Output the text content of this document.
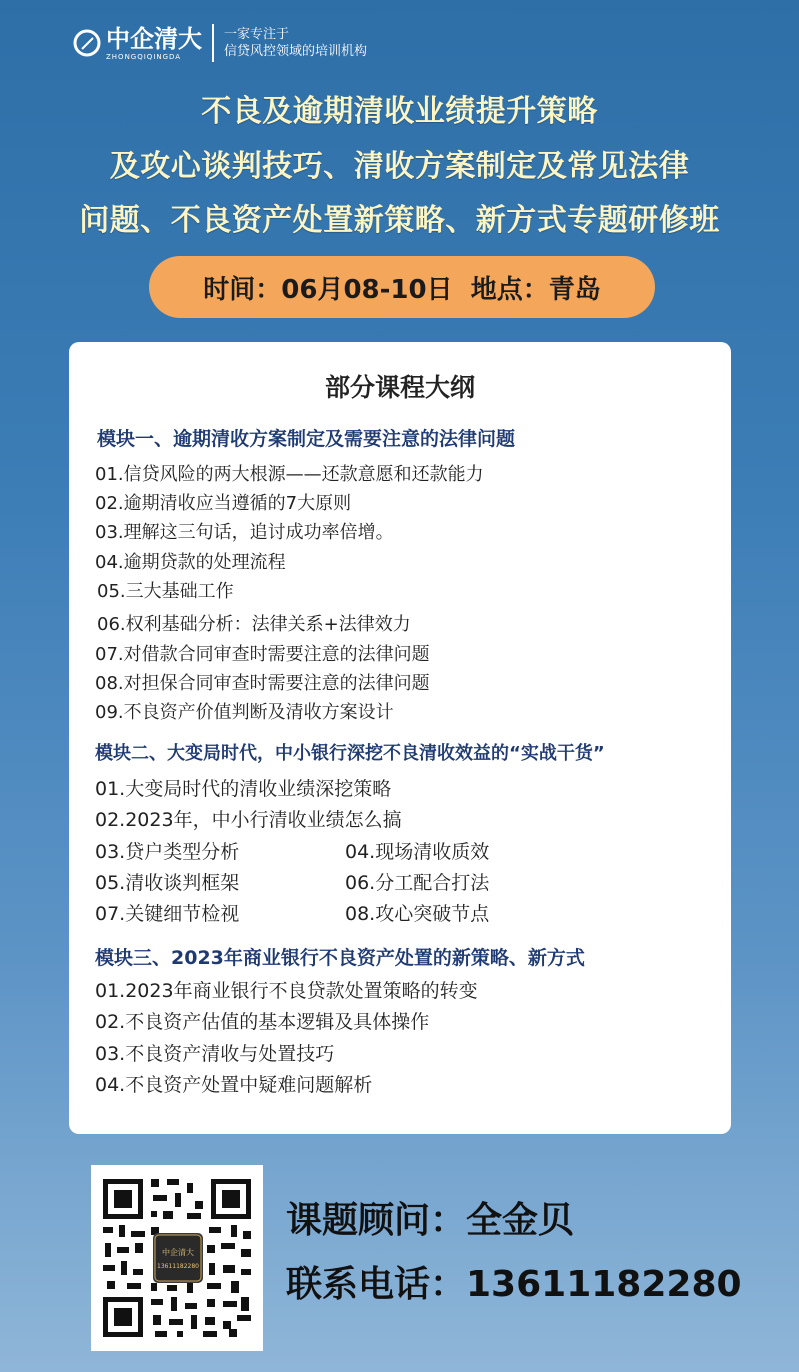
中企清大
ZHONGQIQINGDA
一家专注于
信贷风控领域的培训机构
不良及逾期清收业绩提升策略
及攻心谈判技巧、清收方案制定及常见法律
问题、不良资产处置新策略、新方式专题研修班
时间：06月08-10日  地点：青岛
部分课程大纲
模块一、逾期清收方案制定及需要注意的法律问题
01.信贷风险的两大根源——还款意愿和还款能力
02.逾期清收应当遵循的7大原则
03.理解这三句话，追讨成功率倍增。
04.逾期贷款的处理流程
05.三大基础工作
06.权利基础分析：法律关系+法律效力
07.对借款合同审查时需要注意的法律问题
08.对担保合同审查时需要注意的法律问题
09.不良资产价值判断及清收方案设计
模块二、大变局时代，中小银行深挖不良清收效益的“实战干货”
01.大变局时代的清收业绩深挖策略
02.2023年，中小行清收业绩怎么搞
03.贷户类型分析	04.现场清收质效
05.清收谈判框架	06.分工配合打法
07.关键细节检视	08.攻心突破节点
模块三、2023年商业银行不良资产处置的新策略、新方式
01.2023年商业银行不良贷款处置策略的转变
02.不良资产估值的基本逻辑及具体操作
03.不良资产清收与处置技巧
04.不良资产处置中疑难问题解析
中企清大
13611182280
课题顾问：全金贝
联系电话：13611182280
